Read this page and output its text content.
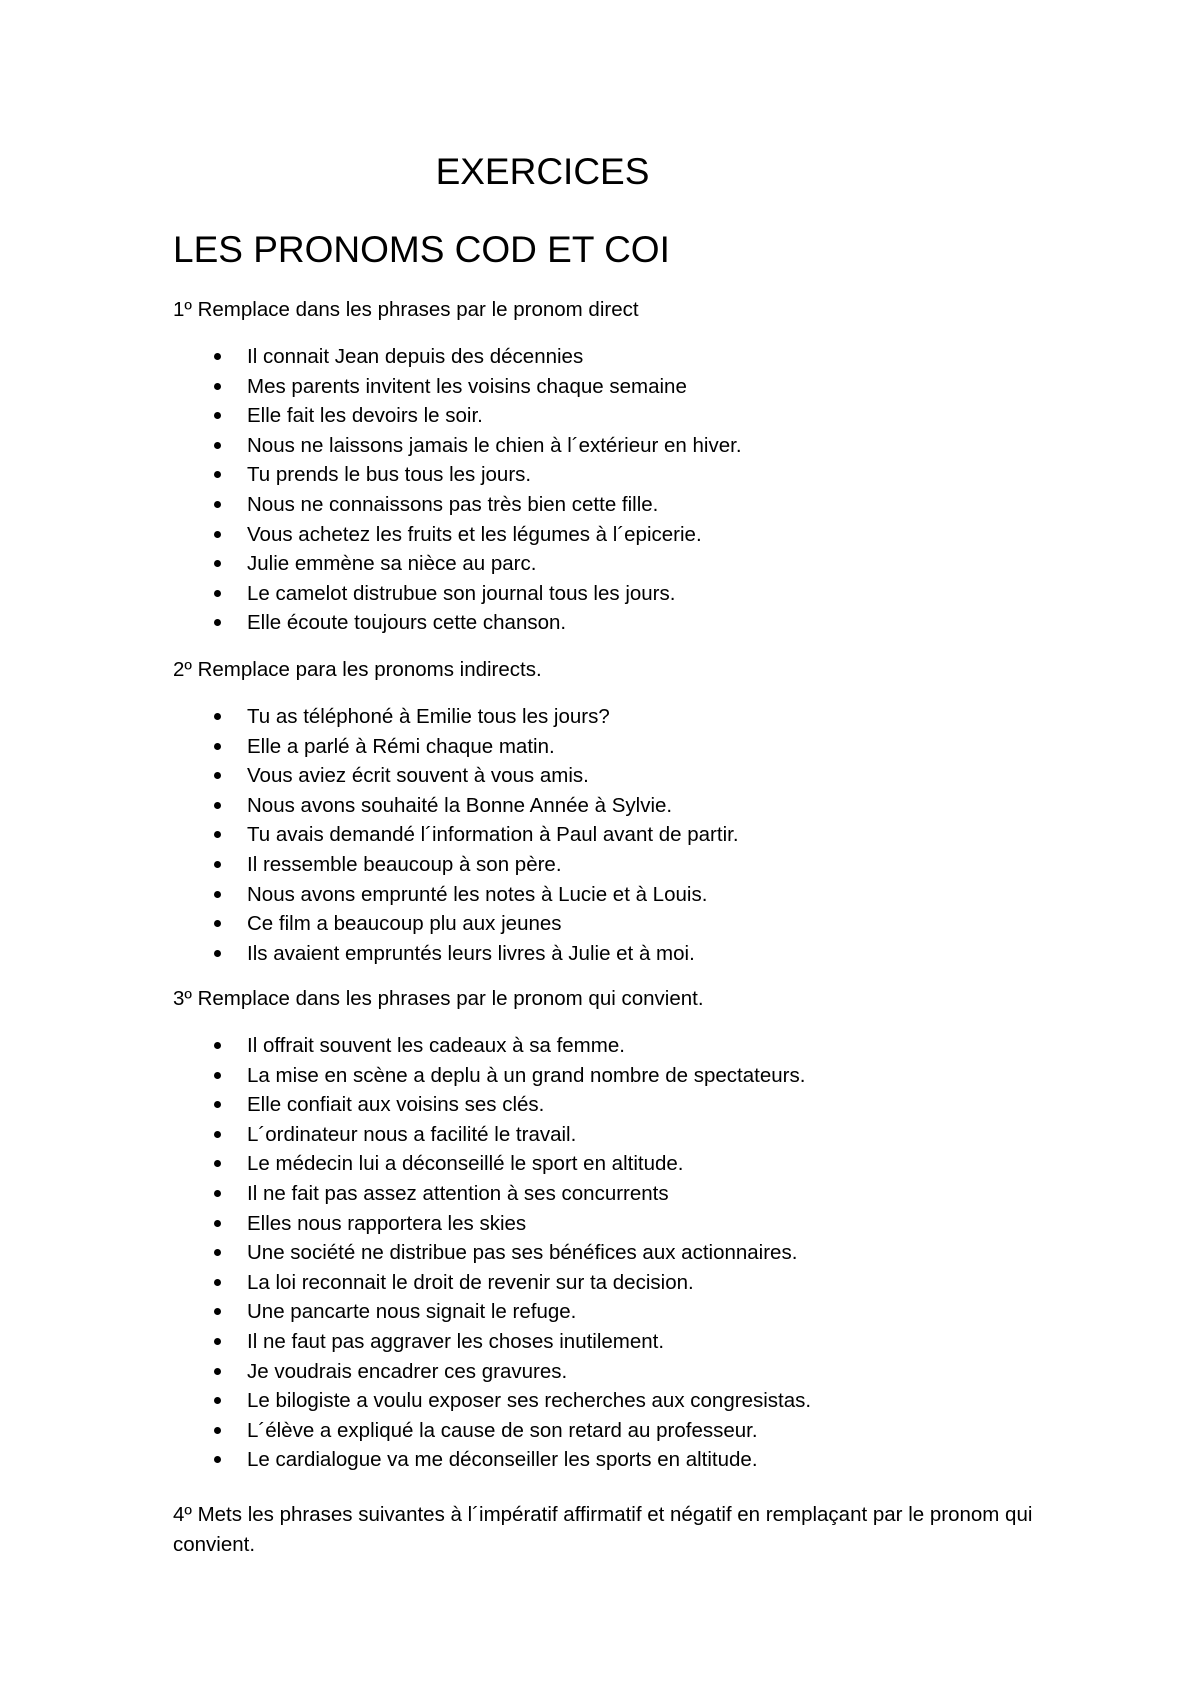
EXERCICES
LES PRONOMS COD ET COI

1º Remplace dans les phrases par le pronom direct

Il connait Jean depuis des décennies
Mes parents invitent les voisins chaque semaine
Elle fait les devoirs le soir.
Nous ne laissons jamais le chien à l´extérieur en hiver.
Tu prends le bus tous les jours.
Nous ne connaissons pas très bien cette fille.
Vous achetez les fruits et les légumes à l´epicerie.
Julie emmène sa nièce au parc.
Le camelot distrubue son journal tous les jours.
Elle écoute toujours cette chanson.

2º Remplace para les pronoms indirects.

Tu as téléphoné à Emilie tous les jours?
Elle a parlé à Rémi chaque matin.
Vous aviez écrit souvent à vous amis.
Nous avons souhaité la Bonne Année à Sylvie.
Tu avais demandé l´information à Paul avant de partir.
Il ressemble beaucoup à son père.
Nous avons emprunté les notes à Lucie et à Louis.
Ce film a beaucoup plu aux jeunes
Ils avaient empruntés leurs livres à Julie et à moi.

3º Remplace dans les phrases par le pronom qui convient.

Il offrait souvent les cadeaux à sa femme.
La mise en scène a deplu à un grand nombre de spectateurs.
Elle confiait aux voisins ses clés.
L´ordinateur nous a facilité le travail.
Le médecin lui a déconseillé le sport en altitude.
Il ne fait pas assez attention à ses concurrents
Elles nous rapportera les skies
Une société ne distribue pas ses bénéfices aux actionnaires.
La loi reconnait le droit de revenir sur ta decision.
Une pancarte nous signait le refuge.
Il ne faut pas aggraver les choses inutilement.
Je voudrais encadrer ces gravures.
Le bilogiste a voulu exposer ses recherches aux congresistas.
L´élève a expliqué la cause de son retard au professeur.
Le cardialogue va me déconseiller les sports en altitude.

4º Mets les phrases suivantes à l´impératif affirmatif et négatif en remplaçant par le pronom qui convient.
